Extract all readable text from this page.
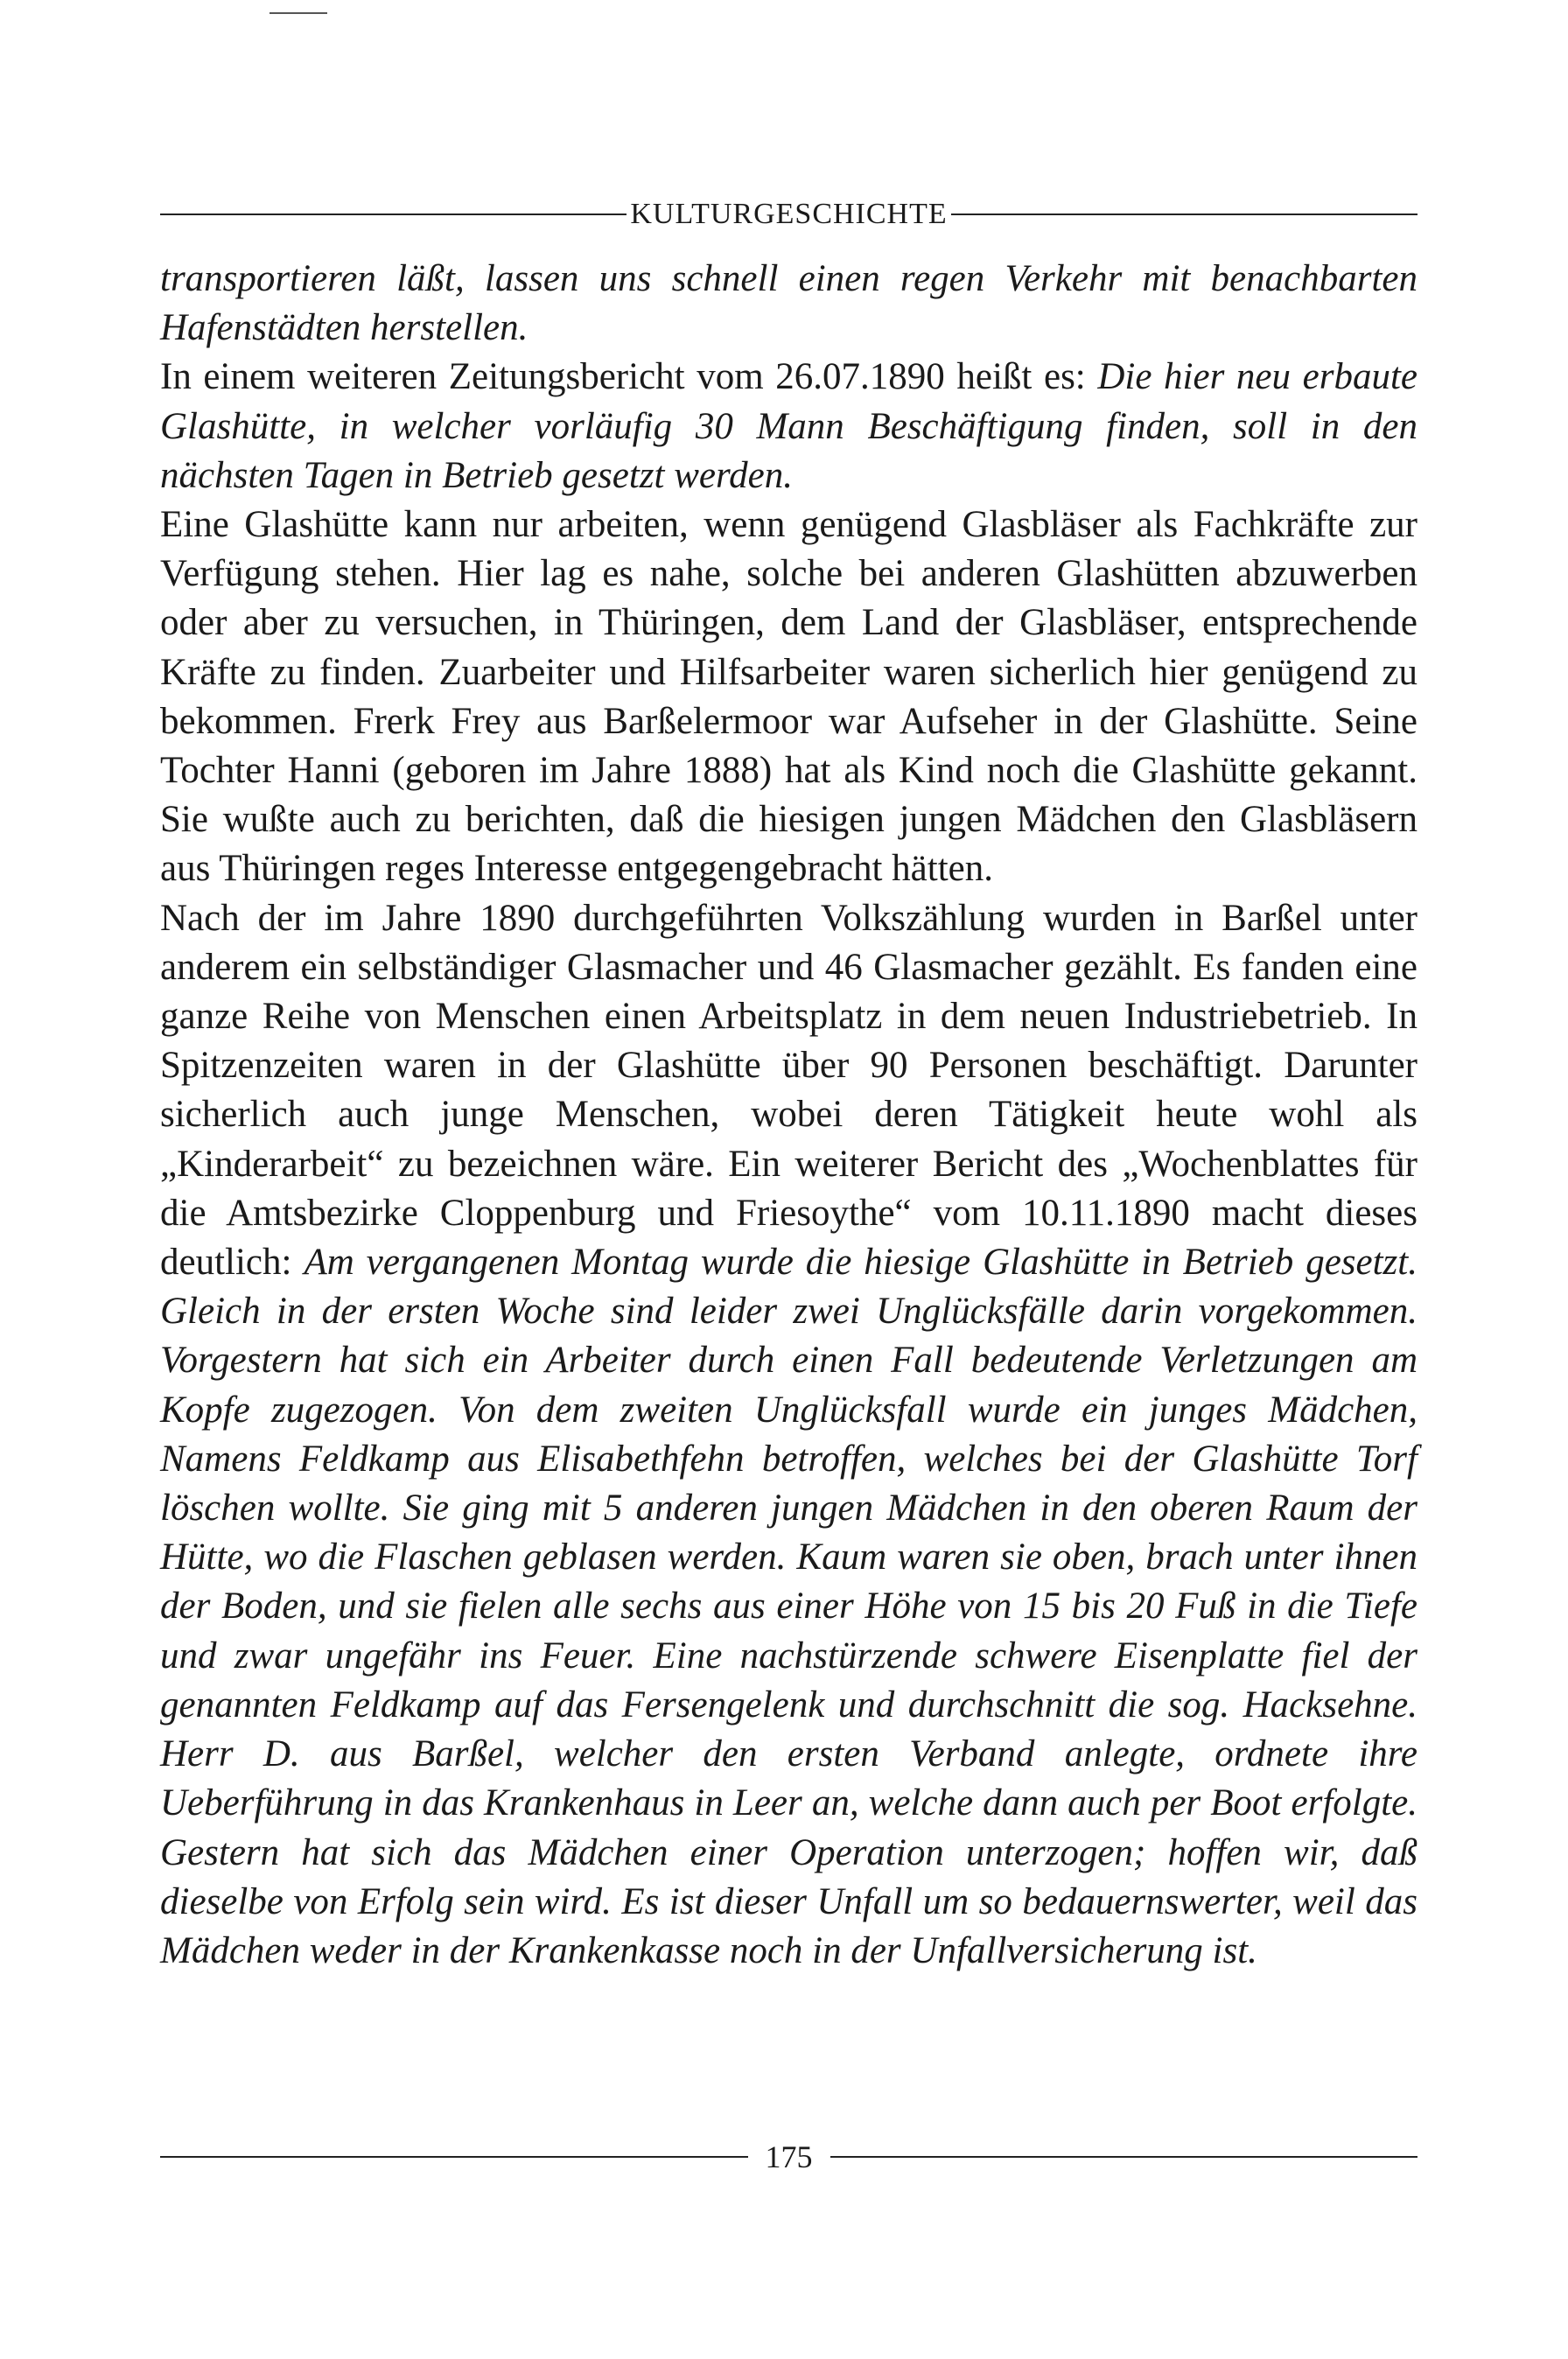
KULTURGESCHICHTE

transportieren läßt, lassen uns schnell einen regen Verkehr mit benachbarten Hafenstädten herstellen.

In einem weiteren Zeitungsbericht vom 26.07.1890 heißt es: Die hier neu erbaute Glashütte, in welcher vorläufig 30 Mann Beschäftigung finden, soll in den nächsten Tagen in Betrieb gesetzt werden.

Eine Glashütte kann nur arbeiten, wenn genügend Glasbläser als Fachkräfte zur Verfügung stehen. Hier lag es nahe, solche bei anderen Glashütten abzuwerben oder aber zu versuchen, in Thüringen, dem Land der Glasbläser, entsprechende Kräfte zu finden. Zuarbeiter und Hilfsarbeiter waren sicherlich hier genügend zu bekommen. Frerk Frey aus Barßelermoor war Aufseher in der Glashütte. Seine Tochter Hanni (geboren im Jahre 1888) hat als Kind noch die Glashütte gekannt. Sie wußte auch zu berichten, daß die hiesigen jungen Mädchen den Glasbläsern aus Thüringen reges Interesse entgegengebracht hätten.

Nach der im Jahre 1890 durchgeführten Volkszählung wurden in Barßel unter anderem ein selbständiger Glasmacher und 46 Glasmacher gezählt. Es fanden eine ganze Reihe von Menschen einen Arbeitsplatz in dem neuen Industriebetrieb. In Spitzenzeiten waren in der Glashütte über 90 Personen beschäftigt. Darunter sicherlich auch junge Menschen, wobei deren Tätigkeit heute wohl als „Kinderarbeit“ zu bezeichnen wäre. Ein weiterer Bericht des „Wochenblattes für die Amtsbezirke Cloppenburg und Friesoythe“ vom 10.11.1890 macht dieses deutlich: Am vergangenen Montag wurde die hiesige Glashütte in Betrieb gesetzt. Gleich in der ersten Woche sind leider zwei Unglücksfälle darin vorgekommen. Vorgestern hat sich ein Arbeiter durch einen Fall bedeutende Verletzungen am Kopfe zugezogen. Von dem zweiten Unglücksfall wurde ein junges Mädchen, Namens Feldkamp aus Elisabethfehn betroffen, welches bei der Glashütte Torf löschen wollte. Sie ging mit 5 anderen jungen Mädchen in den oberen Raum der Hütte, wo die Flaschen geblasen werden. Kaum waren sie oben, brach unter ihnen der Boden, und sie fielen alle sechs aus einer Höhe von 15 bis 20 Fuß in die Tiefe und zwar ungefähr ins Feuer. Eine nachstürzende schwere Eisenplatte fiel der genannten Feldkamp auf das Fersengelenk und durchschnitt die sog. Hacksehne. Herr D. aus Barßel, welcher den ersten Verband anlegte, ordnete ihre Ueberführung in das Krankenhaus in Leer an, welche dann auch per Boot erfolgte. Gestern hat sich das Mädchen einer Operation unterzogen; hoffen wir, daß dieselbe von Erfolg sein wird. Es ist dieser Unfall um so bedauernswerter, weil das Mädchen weder in der Krankenkasse noch in der Unfallversicherung ist.

175
